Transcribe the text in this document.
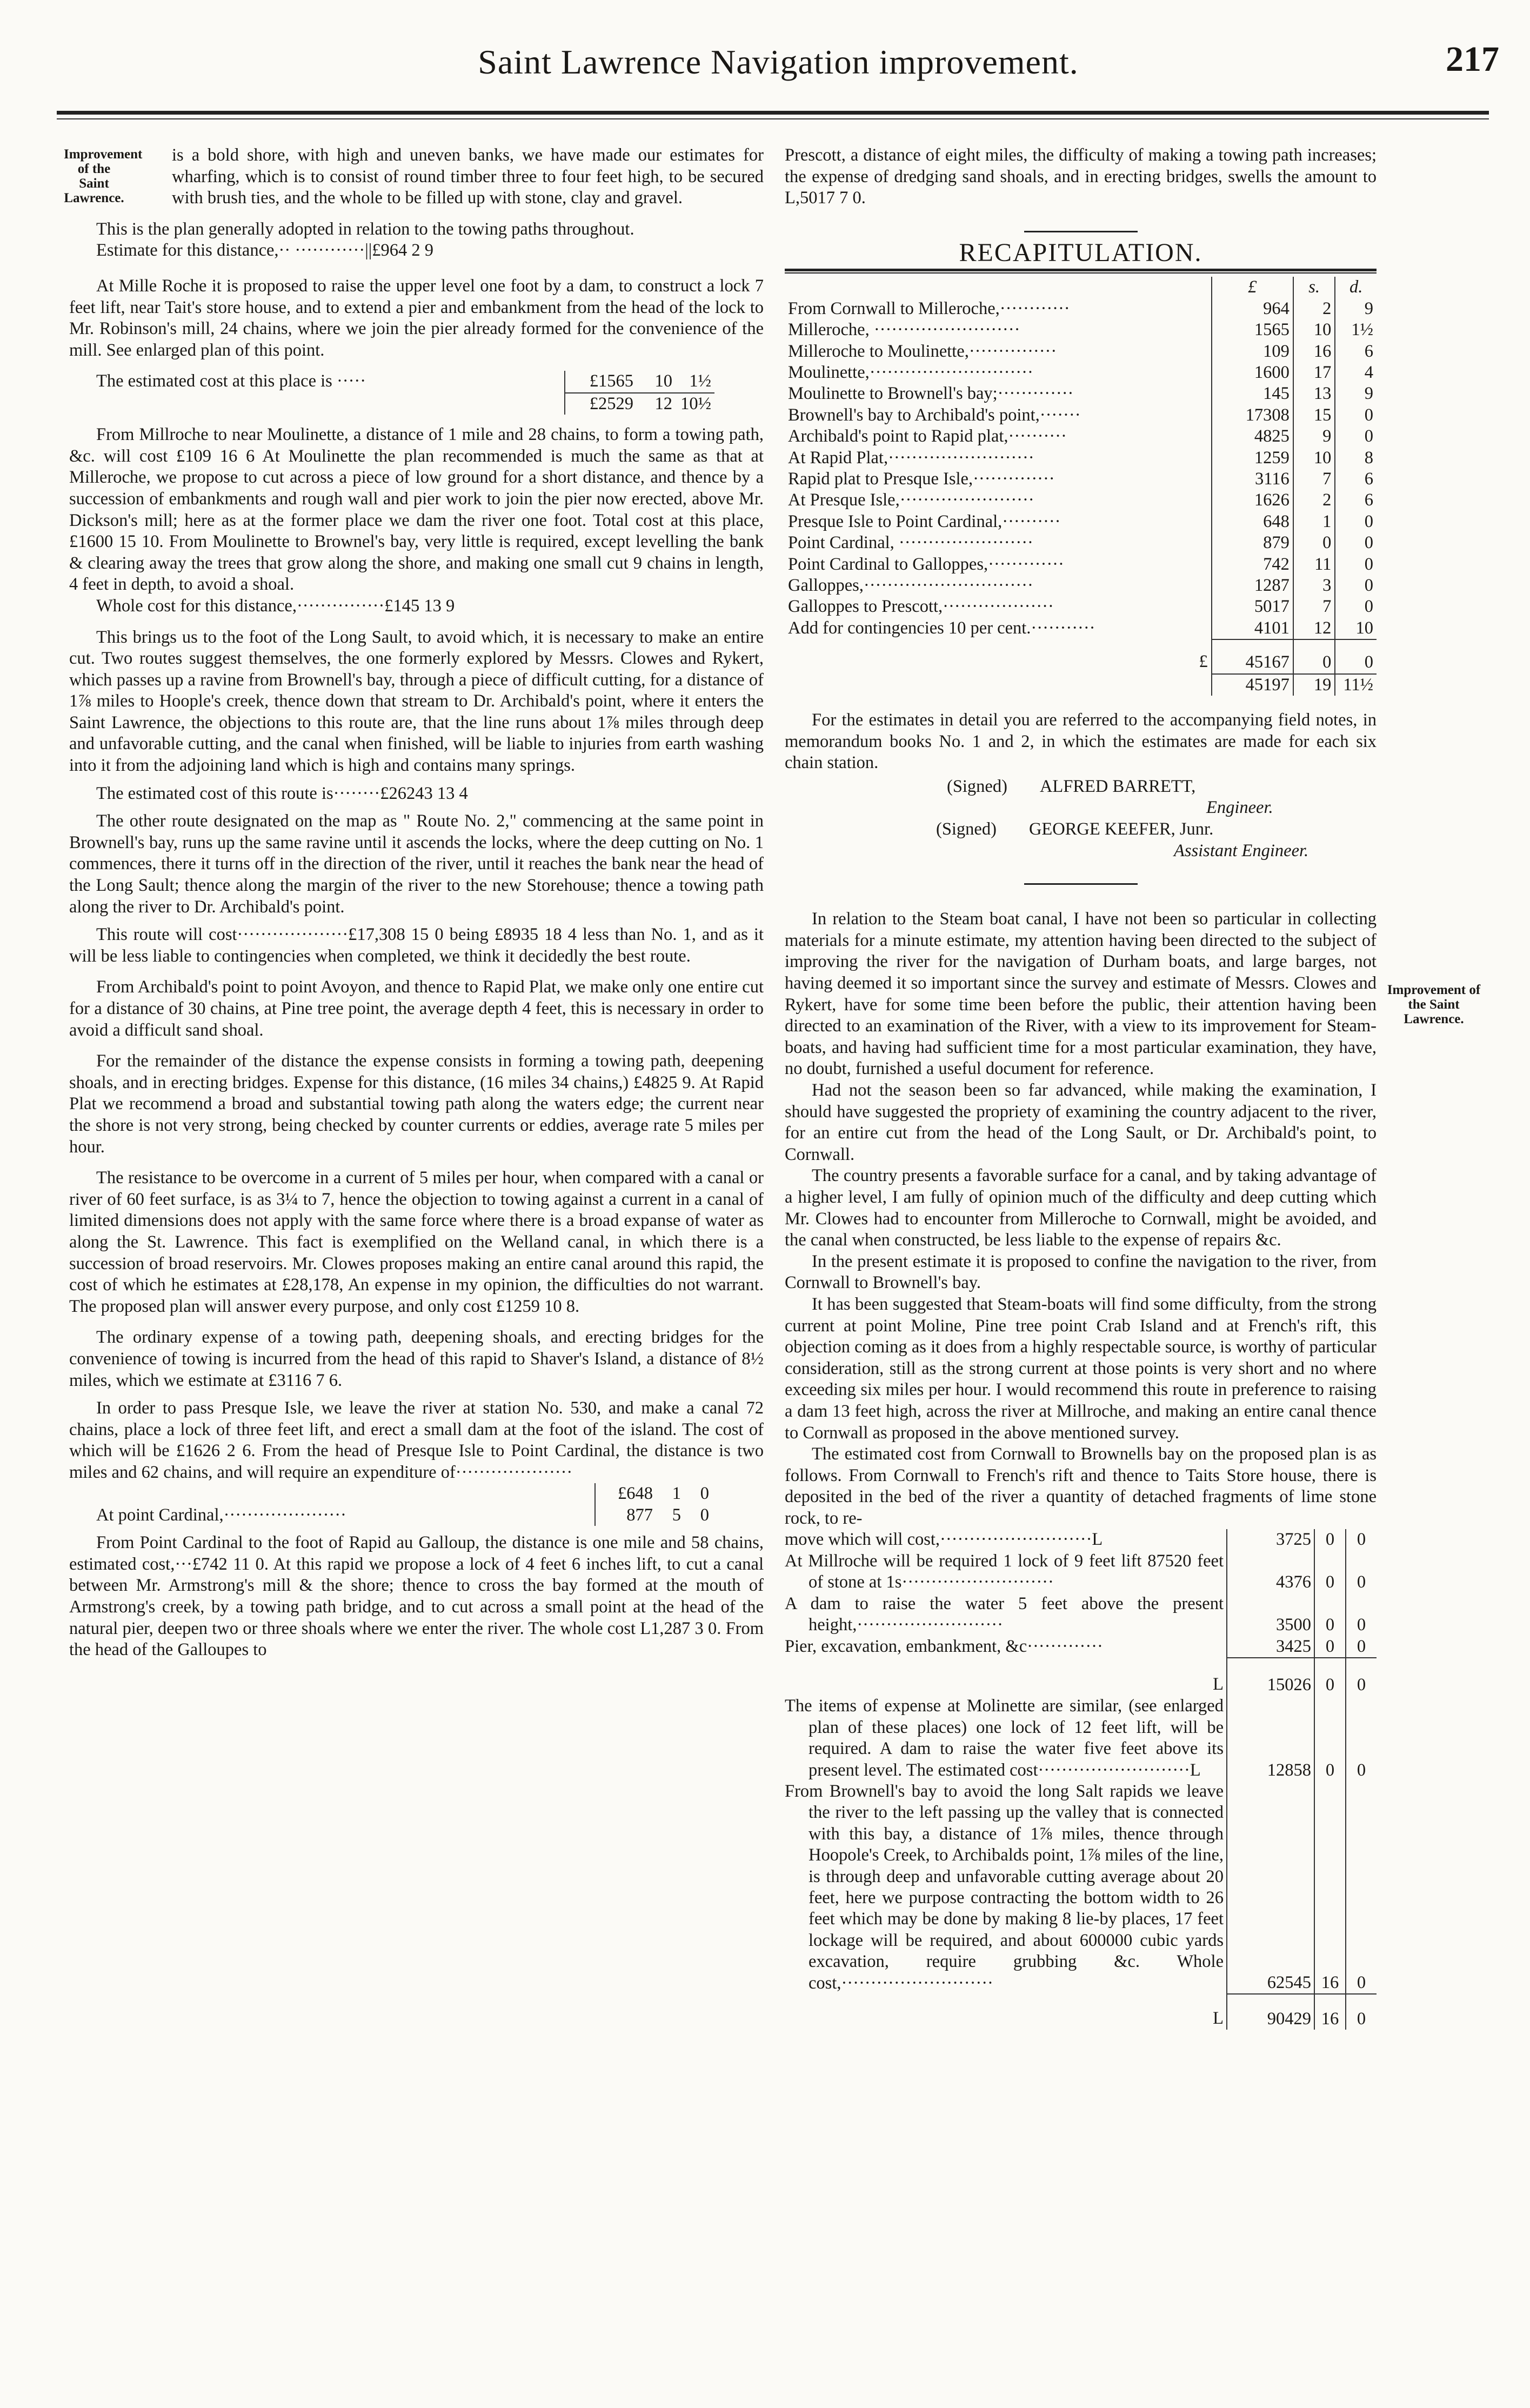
Saint Lawrence Navigation improvement.	217
Improvement of the Saint Lawrence.
Improvement of the Saint Lawrence.

is a bold shore, with high and uneven banks, we have made our estimates for wharfing, which is to consist of round timber three to four feet high, to be secured with brush ties, and the whole to be filled up with stone, clay and gravel.

This is the plan generally adopted in relation to the towing paths throughout.

Estimate for this distance,·· ············||£964 2 9

At Mille Roche it is proposed to raise the upper level one foot by a dam, to construct a lock 7 feet lift, near Tait's store house, and to extend a pier and embankment from the head of the lock to Mr. Robinson's mill, 24 chains, where we join the pier already formed for the convenience of the mill. See enlarged plan of this point.

The estimated cost at this place is ·····	£1565	10	1½
	£2529	12	10½

From Millroche to near Moulinette, a distance of 1 mile and 28 chains, to form a towing path, &c. will cost £109 16 6 At Moulinette the plan recommended is much the same as that at Milleroche, we propose to cut across a piece of low ground for a short distance, and thence by a succession of embankments and rough wall and pier work to join the pier now erected, above Mr. Dickson's mill; here as at the former place we dam the river one foot. Total cost at this place, £1600 15 10. From Moulinette to Brownel's bay, very little is required, except levelling the bank & clearing away the trees that grow along the shore, and making one small cut 9 chains in length, 4 feet in depth, to avoid a shoal.

Whole cost for this distance,···············£145 13 9

This brings us to the foot of the Long Sault, to avoid which, it is necessary to make an entire cut. Two routes suggest themselves, the one formerly explored by Messrs. Clowes and Rykert, which passes up a ravine from Brownell's bay, through a piece of difficult cutting, for a distance of 1⅞ miles to Hoople's creek, thence down that stream to Dr. Archibald's point, where it enters the Saint Lawrence, the objections to this route are, that the line runs about 1⅞ miles through deep and unfavorable cutting, and the canal when finished, will be liable to injuries from earth washing into it from the adjoining land which is high and contains many springs.

The estimated cost of this route is········£26243 13 4

The other route designated on the map as " Route No. 2," commencing at the same point in Brownell's bay, runs up the same ravine until it ascends the locks, where the deep cutting on No. 1 commences, there it turns off in the direction of the river, until it reaches the bank near the head of the Long Sault; thence along the margin of the river to the new Storehouse; thence a towing path along the river to Dr. Archibald's point.

This route will cost···················£17,308 15 0 being £8935 18 4 less than No. 1, and as it will be less liable to contingencies when completed, we think it decidedly the best route.

From Archibald's point to point Avoyon, and thence to Rapid Plat, we make only one entire cut for a distance of 30 chains, at Pine tree point, the average depth 4 feet, this is necessary in order to avoid a difficult sand shoal.

For the remainder of the distance the expense consists in forming a towing path, deepening shoals, and in erecting bridges. Expense for this distance, (16 miles 34 chains,) £4825 9. At Rapid Plat we recommend a broad and substantial towing path along the waters edge; the current near the shore is not very strong, being checked by counter currents or eddies, average rate 5 miles per hour.

The resistance to be overcome in a current of 5 miles per hour, when compared with a canal or river of 60 feet surface, is as 3¼ to 7, hence the objection to towing against a current in a canal of limited dimensions does not apply with the same force where there is a broad expanse of water as along the St. Lawrence. This fact is exemplified on the Welland canal, in which there is a succession of broad reservoirs. Mr. Clowes proposes making an entire canal around this rapid, the cost of which he estimates at £28,178, An expense in my opinion, the difficulties do not warrant. The proposed plan will answer every purpose, and only cost £1259 10 8.

The ordinary expense of a towing path, deepening shoals, and erecting bridges for the convenience of towing is incurred from the head of this rapid to Shaver's Island, a distance of 8½ miles, which we estimate at £3116 7 6.

In order to pass Presque Isle, we leave the river at station No. 530, and make a canal 72 chains, place a lock of three feet lift, and erect a small dam at the foot of the island. The cost of which will be £1626 2 6. From the head of Presque Isle to Point Cardinal, the distance is two miles and 62 chains, and will require an expenditure of····················

	£648	1	0
At point Cardinal,·····················	877	5	0

From Point Cardinal to the foot of Rapid au Galloup, the distance is one mile and 58 chains, estimated cost,···£742 11 0. At this rapid we propose a lock of 4 feet 6 inches lift, to cut a canal between Mr. Armstrong's mill & the shore; thence to cross the bay formed at the mouth of Armstrong's creek, by a towing path bridge, and to cut across a small point at the head of the natural pier, deepen two or three shoals where we enter the river. The whole cost L1,287 3 0. From the head of the Galloupes to

Prescott, a distance of eight miles, the difficulty of making a towing path increases; the expense of dredging sand shoals, and in erecting bridges, swells the amount to L,5017 7 0.

RECAPITULATION.
	£	s.	d.
From Cornwall to Milleroche,············	964	2	9
Milleroche, ·························	1565	10	1½
Milleroche to Moulinette,···············	109	16	6
Moulinette,····························	1600	17	4
Moulinette to Brownell's bay;·············	145	13	9
Brownell's bay to Archibald's point,·······	17308	15	0
Archibald's point to Rapid plat,··········	4825	9	0
At Rapid Plat,·························	1259	10	8
Rapid plat to Presque Isle,··············	3116	7	6
At Presque Isle,·······················	1626	2	6
Presque Isle to Point Cardinal,··········	648	1	0
Point Cardinal, ·······················	879	0	0
Point Cardinal to Galloppes,·············	742	11	0
Galloppes,·····························	1287	3	0
Galloppes to Prescott,···················	5017	7	0
Add for contingencies 10 per cent.···········	4101	12	10
£	45167	0	0
	45197	19	11½

For the estimates in detail you are referred to the accompanying field notes, in memorandum books No. 1 and 2, in which the estimates are made for each six chain station.

(Signed) ALFRED BARRETT,

Engineer.

(Signed) GEORGE KEEFER, Junr.

Assistant Engineer.

In relation to the Steam boat canal, I have not been so particular in collecting materials for a minute estimate, my attention having been directed to the subject of improving the river for the navigation of Durham boats, and large barges, not having deemed it so important since the survey and estimate of Messrs. Clowes and Rykert, have for some time been before the public, their attention having been directed to an examination of the River, with a view to its improvement for Steam-boats, and having had sufficient time for a most particular examination, they have, no doubt, furnished a useful document for reference.

Had not the season been so far advanced, while making the examination, I should have suggested the propriety of examining the country adjacent to the river, for an entire cut from the head of the Long Sault, or Dr. Archibald's point, to Cornwall.

The country presents a favorable surface for a canal, and by taking advantage of a higher level, I am fully of opinion much of the difficulty and deep cutting which Mr. Clowes had to encounter from Milleroche to Cornwall, might be avoided, and the canal when constructed, be less liable to the expense of repairs &c.

In the present estimate it is proposed to confine the navigation to the river, from Cornwall to Brownell's bay.

It has been suggested that Steam-boats will find some difficulty, from the strong current at point Moline, Pine tree point Crab Island and at French's rift, this objection coming as it does from a highly respectable source, is worthy of particular consideration, still as the strong current at those points is very short and no where exceeding six miles per hour. I would recommend this route in preference to raising a dam 13 feet high, across the river at Millroche, and making an entire canal thence to Cornwall as proposed in the above mentioned survey.

The estimated cost from Cornwall to Brownells bay on the proposed plan is as follows. From Cornwall to French's rift and thence to Taits Store house, there is deposited in the bed of the river a quantity of detached fragments of lime stone rock, to re-

move which will cost,··························L	3725	0	0
At Millroche will be required 1 lock of 9 feet lift 87520 feet of stone at 1s··························	4376	0	0
A dam to raise the water 5 feet above the present height,·························	3500	0	0
Pier, excavation, embankment, &c·············	3425	0	0
L	15026	0	0
The items of expense at Molinette are similar, (see enlarged plan of these places) one lock of 12 feet lift, will be required. A dam to raise the water five feet above its present level. The estimated cost··························L	12858	0	0
From Brownell's bay to avoid the long Salt rapids we leave the river to the left passing up the valley that is connected with this bay, a distance of 1⅞ miles, thence through Hoopole's Creek, to Archibalds point, 1⅞ miles of the line, is through deep and unfavorable cutting average about 20 feet, here we purpose contracting the bottom width to 26 feet which may be done by making 8 lie-by places, 17 feet lockage will be required, and about 600000 cubic yards excavation, require grubbing &c. Whole cost,··························	62545	16	0
L	90429	16	0
